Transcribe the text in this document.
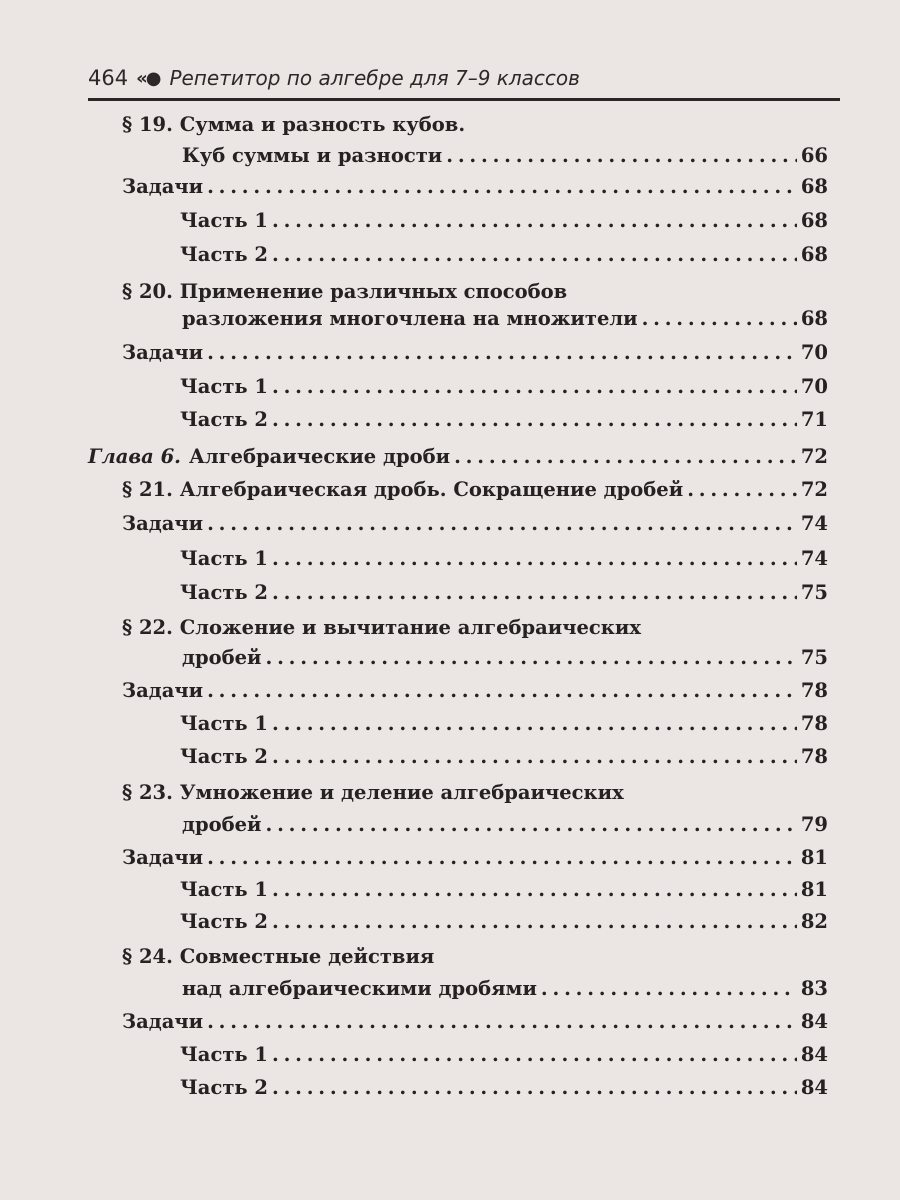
464 «● Репетитор по алгебре для 7–9 классов
§ 19. Сумма и разность кубов.
Куб суммы и разности . . .	66
Задачи . . .	68
Часть 1 . . .	68
Часть 2 . . .	68
§ 20. Применение различных способов
разложения многочлена на множители . . .	68
Задачи . . .	70
Часть 1 . . .	70
Часть 2 . . .	71
Глава 6. Алгебраические дроби . . .	72
§ 21. Алгебраическая дробь. Сокращение дробей . . .	72
Задачи . . .	74
Часть 1 . . .	74
Часть 2 . . .	75
§ 22. Сложение и вычитание алгебраических
дробей . . .	75
Задачи . . .	78
Часть 1 . . .	78
Часть 2 . . .	78
§ 23. Умножение и деление алгебраических
дробей . . .	79
Задачи . . .	81
Часть 1 . . .	81
Часть 2 . . .	82
§ 24. Совместные действия
над алгебраическими дробями . . .	83
Задачи . . .	84
Часть 1 . . .	84
Часть 2 . . .	84
